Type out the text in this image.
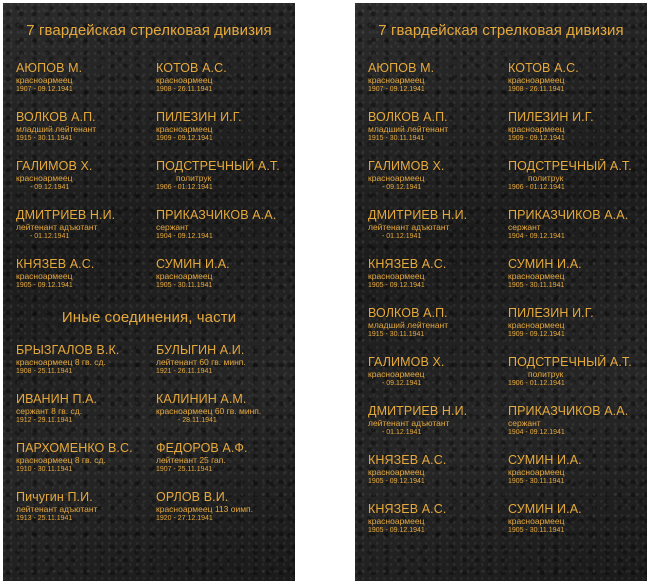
7 гвардейская стрелковая дивизия
АЮПОВ М.
красноармеец
1907 - 09.12.1941
КОТОВ А.С.
красноармеец
1908 - 26.11.1941
ВОЛКОВ А.П.
младший лейтенант
1915 - 30.11.1941
ПИЛЕЗИН И.Г.
красноармеец
1909 - 09.12.1941
ГАЛИМОВ Х.
красноармеец
- 09.12.1941
ПОДСТРЕЧНЫЙ А.Т.
политрук
1906 - 01.12.1941
ДМИТРИЕВ Н.И.
лейтенант адъютант
- 01.12.1941
ПРИКАЗЧИКОВ А.А.
сержант
1904 - 09.12.1941
КНЯЗЕВ А.С.
красноармеец
1905 - 09.12.1941
СУМИН И.А.
красноармеец
1905 - 30.11.1941
Иные соединения, части
БРЫЗГАЛОВ В.К.
красноармеец 8 гв. сд.
1908 - 25.11.1941
БУЛЫГИН А.И.
лейтенант 60 гв. минп.
1921 - 26.11.1941
ИВАНИН П.А.
сержант 8 гв. сд.
1912 - 29.11.1941
КАЛИНИН А.М.
красноармеец 60 гв. минп.
- 28.11.1941
ПАРХОМЕНКО В.С.
красноармеец 8 гв. сд.
1910 - 30.11.1941
ФЕДОРОВ А.Ф.
лейтенант 25 гап.
1907 - 25.11.1941
Пичугин П.И.
лейтенант адъютант
1913 - 25.11.1941
ОРЛОВ В.И.
красноармеец 113 оимп.
1920 - 27.12.1941
7 гвардейская стрелковая дивизия
АЮПОВ М.
красноармеец
1907 - 09.12.1941
КОТОВ А.С.
красноармеец
1908 - 26.11.1941
ВОЛКОВ А.П.
младший лейтенант
1915 - 30.11.1941
ПИЛЕЗИН И.Г.
красноармеец
1909 - 09.12.1941
ГАЛИМОВ Х.
красноармеец
- 09.12.1941
ПОДСТРЕЧНЫЙ А.Т.
политрук
1906 - 01.12.1941
ДМИТРИЕВ Н.И.
лейтенант адъютант
- 01.12.1941
ПРИКАЗЧИКОВ А.А.
сержант
1904 - 09.12.1941
КНЯЗЕВ А.С.
красноармеец
1905 - 09.12.1941
СУМИН И.А.
красноармеец
1905 - 30.11.1941
ВОЛКОВ А.П.
младший лейтенант
1915 - 30.11.1941
ПИЛЕЗИН И.Г.
красноармеец
1909 - 09.12.1941
ГАЛИМОВ Х.
красноармеец
- 09.12.1941
ПОДСТРЕЧНЫЙ А.Т.
политрук
1906 - 01.12.1941
ДМИТРИЕВ Н.И.
лейтенант адъютант
- 01.12.1941
ПРИКАЗЧИКОВ А.А.
сержант
1904 - 09.12.1941
КНЯЗЕВ А.С.
красноармеец
1905 - 09.12.1941
СУМИН И.А.
красноармеец
1905 - 30.11.1941
КНЯЗЕВ А.С.
красноармеец
1905 - 09.12.1941
СУМИН И.А.
красноармеец
1905 - 30.11.1941
